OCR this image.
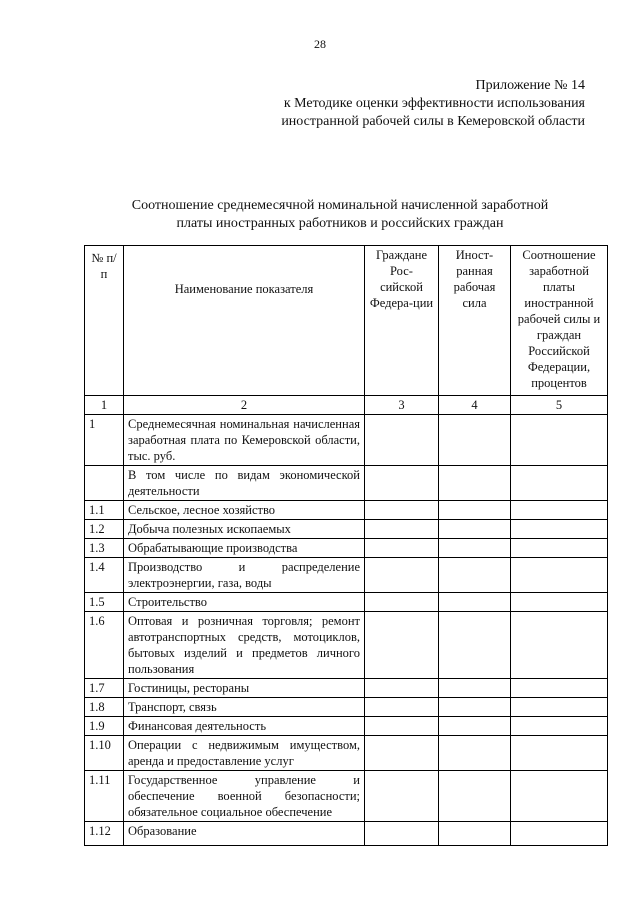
28
Приложение № 14
к Методике оценки эффективности использования
иностранной рабочей силы в Кемеровской области
Соотношение среднемесячной номинальной начисленной заработной
платы иностранных работников и российских граждан
№ п/п	Наименование показателя	Граждане Рос-сийской Федера-ции	Иност-ранная рабочая сила	Соотношение заработной платы иностранной рабочей силы и граждан Российской Федерации, процентов
1	2	3	4	5
1	Среднемесячная номинальная начисленная заработная плата по Кемеровской области, тыс. руб.			
	В том числе по видам экономической деятельности			
1.1	Сельское, лесное хозяйство			
1.2	Добыча полезных ископаемых			
1.3	Обрабатывающие производства			
1.4	Производство и распределение электроэнергии, газа, воды			
1.5	Строительство			
1.6	Оптовая и розничная торговля; ремонт автотранспортных средств, мотоциклов, бытовых изделий и предметов личного пользования			
1.7	Гостиницы, рестораны			
1.8	Транспорт, связь			
1.9	Финансовая деятельность			
1.10	Операции с недвижимым имуществом, аренда и предоставление услуг			
1.11	Государственное управление и обеспечение военной безопасности; обязательное социальное обеспечение			
1.12	Образование			
